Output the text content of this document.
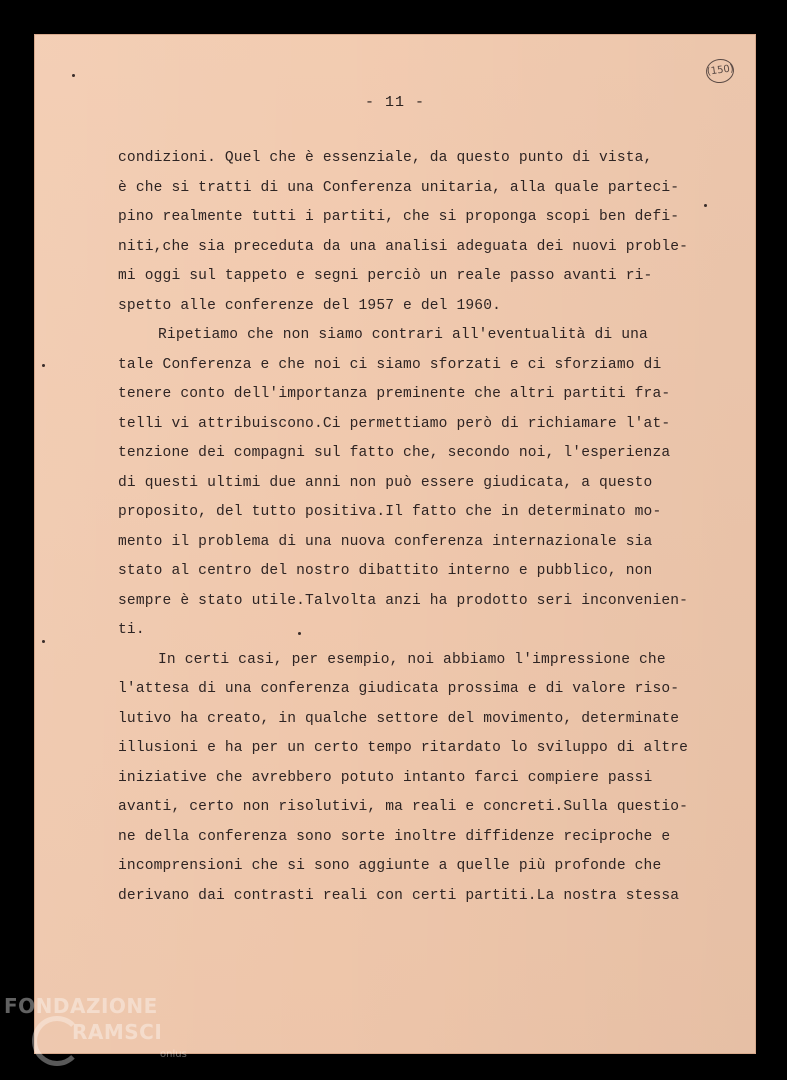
- 11 -
(150)
condizioni. Quel che è essenziale, da questo punto di vista,
è che si tratti di una Conferenza unitaria, alla quale parteci-
pino realmente tutti i partiti, che si proponga scopi ben defi-
niti,che sia preceduta da una analisi adeguata dei nuovi proble-
mi oggi sul tappeto e segni perciò un reale passo avanti ri-
spetto alle conferenze del 1957 e del 1960.
Ripetiamo che non siamo contrari all'eventualità di una
tale Conferenza e che noi ci siamo sforzati e ci sforziamo di
tenere conto dell'importanza preminente che altri partiti fra-
telli vi attribuiscono.Ci permettiamo però di richiamare l'at-
tenzione dei compagni sul fatto che, secondo noi, l'esperienza
di questi ultimi due anni non può essere giudicata, a questo
proposito, del tutto positiva.Il fatto che in determinato mo-
mento il problema di una nuova conferenza internazionale sia
stato al centro del nostro dibattito interno e pubblico, non
sempre è stato utile.Talvolta anzi ha prodotto seri inconvenien-
ti.
In certi casi, per esempio, noi abbiamo l'impressione che
l'attesa di una conferenza giudicata prossima e di valore riso-
lutivo ha creato, in qualche settore del movimento, determinate
illusioni e ha per un certo tempo ritardato lo sviluppo di altre
iniziative che avrebbero potuto intanto farci compiere passi
avanti, certo non risolutivi, ma reali e concreti.Sulla questio-
ne della conferenza sono sorte inoltre diffidenze reciproche e
incomprensioni che si sono aggiunte a quelle più profonde che
derivano dai contrasti reali con certi partiti.La nostra stessa
FONDAZIONE
RAMSCI
onlus
